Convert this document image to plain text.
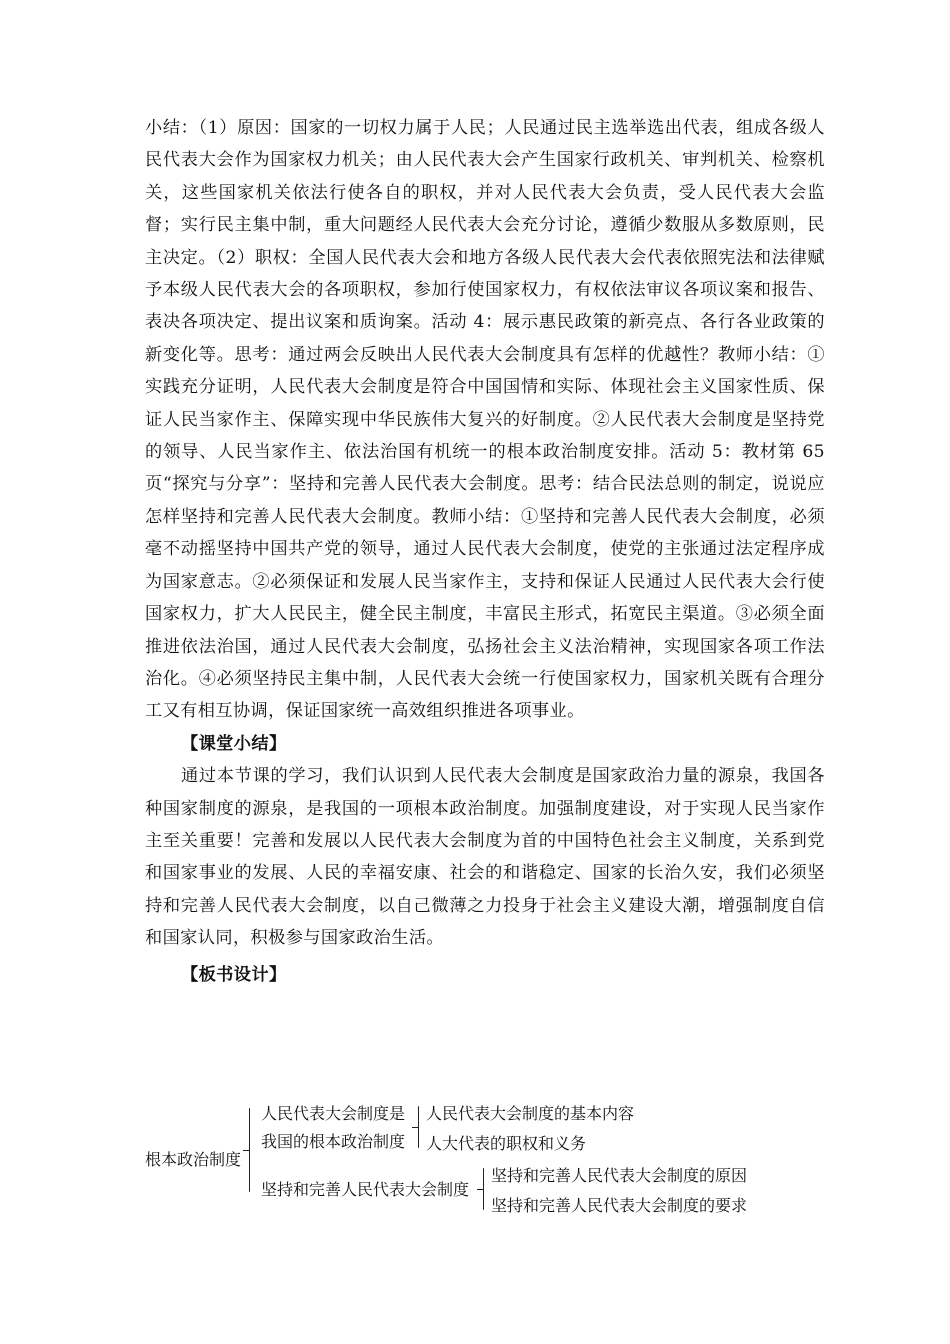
小结：（1）原因：国家的一切权力属于人民；人民通过民主选举选出代表，组成各级人民代表大会作为国家权力机关；由人民代表大会产生国家行政机关、审判机关、检察机关，这些国家机关依法行使各自的职权，并对人民代表大会负责，受人民代表大会监督；实行民主集中制，重大问题经人民代表大会充分讨论，遵循少数服从多数原则，民主决定。（2）职权：全国人民代表大会和地方各级人民代表大会代表依照宪法和法律赋予本级人民代表大会的各项职权，参加行使国家权力，有权依法审议各项议案和报告、表决各项决定、提出议案和质询案。活动 4：展示惠民政策的新亮点、各行各业政策的新变化等。思考：通过两会反映出人民代表大会制度具有怎样的优越性？教师小结：①实践充分证明，人民代表大会制度是符合中国国情和实际、体现社会主义国家性质、保证人民当家作主、保障实现中华民族伟大复兴的好制度。②人民代表大会制度是坚持党的领导、人民当家作主、依法治国有机统一的根本政治制度安排。活动 5：教材第 65 页“探究与分享”：坚持和完善人民代表大会制度。思考：结合民法总则的制定，说说应怎样坚持和完善人民代表大会制度。教师小结：①坚持和完善人民代表大会制度，必须毫不动摇坚持中国共产党的领导，通过人民代表大会制度，使党的主张通过法定程序成为国家意志。②必须保证和发展人民当家作主，支持和保证人民通过人民代表大会行使国家权力，扩大人民民主，健全民主制度，丰富民主形式，拓宽民主渠道。③必须全面推进依法治国，通过人民代表大会制度，弘扬社会主义法治精神，实现国家各项工作法治化。④必须坚持民主集中制，人民代表大会统一行使国家权力，国家机关既有合理分工又有相互协调，保证国家统一高效组织推进各项事业。

【课堂小结】

通过本节课的学习，我们认识到人民代表大会制度是国家政治力量的源泉，我国各种国家制度的源泉，是我国的一项根本政治制度。加强制度建设，对于实现人民当家作主至关重要！完善和发展以人民代表大会制度为首的中国特色社会主义制度，关系到党和国家事业的发展、人民的幸福安康、社会的和谐稳定、国家的长治久安，我们必须坚持和完善人民代表大会制度，以自己微薄之力投身于社会主义建设大潮，增强制度自信和国家认同，积极参与国家政治生活。

【板书设计】

根本政治制度
人民代表大会制度是
我国的根本政治制度
人民代表大会制度的基本内容
人大代表的职权和义务
坚持和完善人民代表大会制度
坚持和完善人民代表大会制度的原因
坚持和完善人民代表大会制度的要求
